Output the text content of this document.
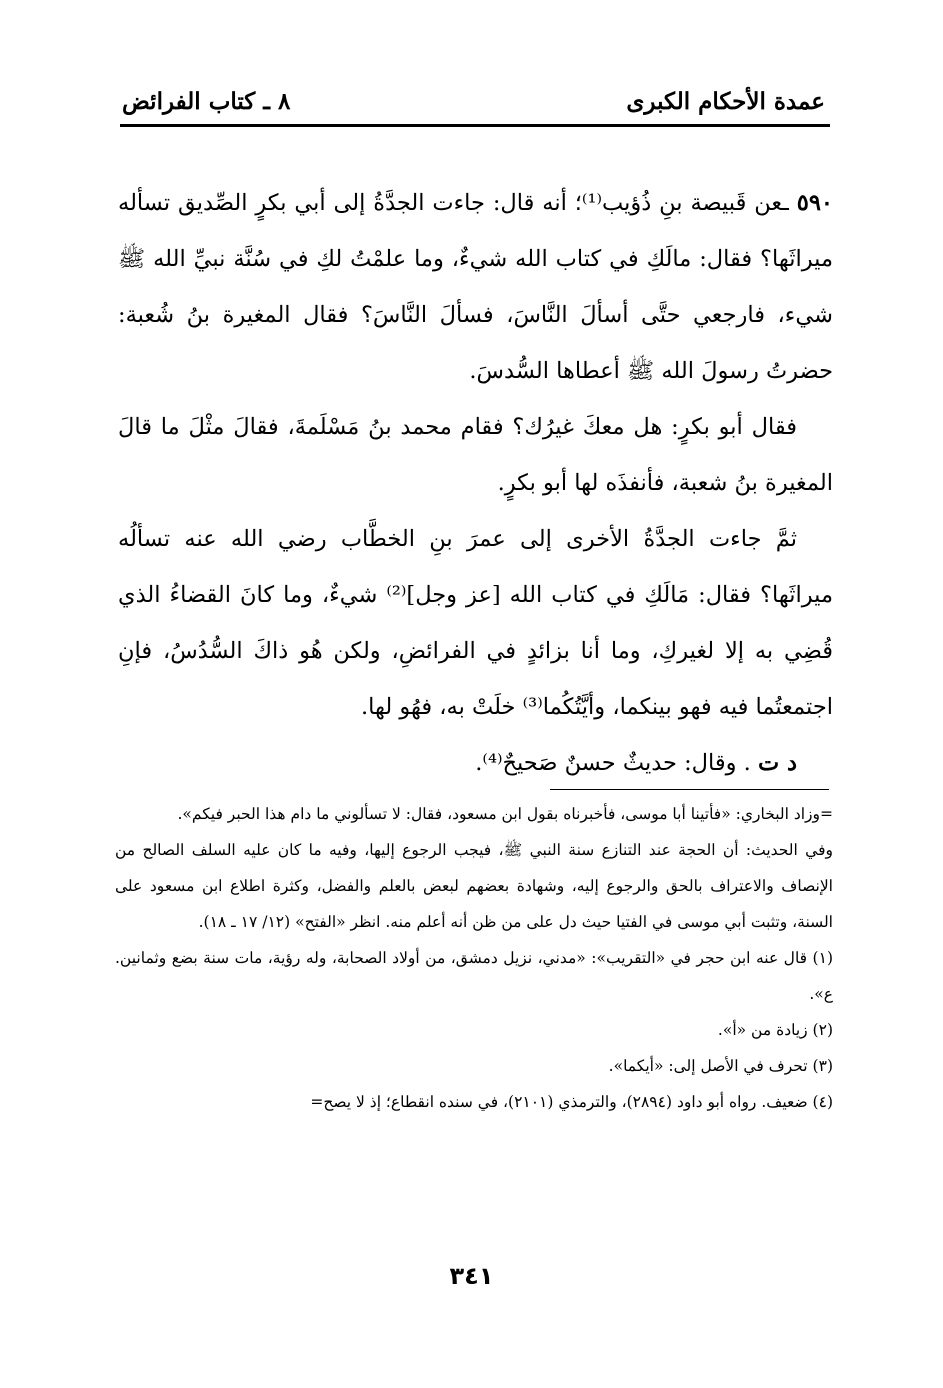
عمدة الأحكام الكبرى
٨ ـ كتاب الفرائض

٥٩٠ ـعن قَبيصة بنِ ذُؤيب⁽¹⁾؛ أنه قال: جاءت الجدَّةُ إلى أبي بكرٍ الصِّديق تسأله ميراثَها؟ فقال: مالَكِ في كتاب الله شيءٌ، وما علمْتُ لكِ في سُنَّة نبيِّ الله ﷺ شيء، فارجعي حتَّى أسألَ النَّاسَ، فسألَ النَّاسَ؟ فقال المغيرة بنُ شُعبة: حضرتُ رسولَ الله ﷺ أعطاها السُّدسَ.

فقال أبو بكرٍ: هل معكَ غيرُك؟ فقام محمد بنُ مَسْلَمةَ، فقالَ مثْلَ ما قالَ المغيرة بنُ شعبة، فأنفذَه لها أبو بكرٍ.

ثمَّ جاءت الجدَّةُ الأخرى إلى عمرَ بنِ الخطَّاب رضي الله عنه تسألُه ميراثَها؟ فقال: مَالَكِ في كتاب الله [عز وجل]⁽²⁾ شيءٌ، وما كانَ القضاءُ الذي قُضِي به إلا لغيركِ، وما أنا بزائدٍ في الفرائضِ، ولكن هُو ذاكَ السُّدُسُ، فإنِ اجتمعتُما فيه فهو بينكما، وأيَّتُكُما⁽³⁾ خلَتْ به، فهُو لها.

د ت . وقال: حديثٌ حسنٌ صَحيحٌ⁽⁴⁾.

=وزاد البخاري: «فأتينا أبا موسى، فأخبرناه بقول ابن مسعود، فقال: لا تسألوني ما دام هذا الحبر فيكم».

وفي الحديث: أن الحجة عند التنازع سنة النبي ﷺ، فيجب الرجوع إليها، وفيه ما كان عليه السلف الصالح من الإنصاف والاعتراف بالحق والرجوع إليه، وشهادة بعضهم لبعض بالعلم والفضل، وكثرة اطلاع ابن مسعود على السنة، وتثبت أبي موسى في الفتيا حيث دل على من ظن أنه أعلم منه. انظر «الفتح» (١٢/ ١٧ ـ ١٨).

(١) قال عنه ابن حجر في «التقريب»: «مدني، نزيل دمشق، من أولاد الصحابة، وله رؤية، مات سنة بضع وثمانين. ع».

(٢) زيادة من «أ».

(٣) تحرف في الأصل إلى: «أيكما».

(٤) ضعيف. رواه أبو داود (٢٨٩٤)، والترمذي (٢١٠١)، في سنده انقطاع؛ إذ لا يصح=

٣٤١
